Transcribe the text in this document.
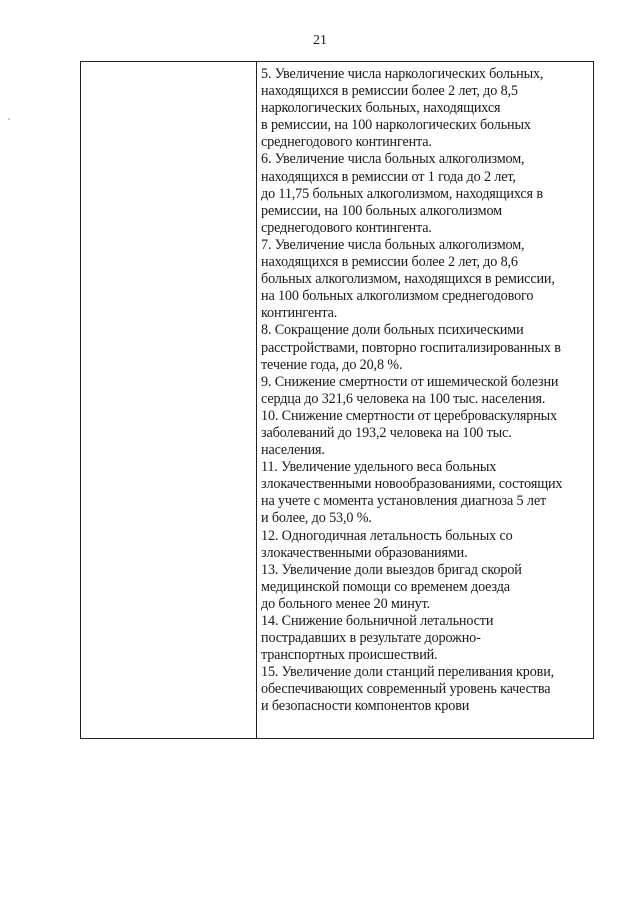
21
5. Увеличение числа наркологических больных,
находящихся в ремиссии более 2 лет, до 8,5
наркологических больных, находящихся
в ремиссии, на 100 наркологических больных
среднегодового контингента.
6. Увеличение числа больных алкоголизмом,
находящихся в ремиссии от 1 года до 2 лет,
до 11,75 больных алкоголизмом, находящихся в
ремиссии, на 100 больных алкоголизмом
среднегодового контингента.
7. Увеличение числа больных алкоголизмом,
находящихся в ремиссии более 2 лет, до 8,6
больных алкоголизмом, находящихся в ремиссии,
на 100 больных алкоголизмом среднегодового
контингента.
8. Сокращение доли больных психическими
расстройствами, повторно госпитализированных в
течение года, до 20,8 %.
9. Снижение смертности от ишемической болезни
сердца до 321,6 человека на 100 тыс. населения.
10. Снижение смертности от цереброваскулярных
заболеваний до 193,2 человека на 100 тыс.
населения.
11. Увеличение удельного веса больных
злокачественными новообразованиями, состоящих
на учете с момента установления диагноза 5 лет
и более, до 53,0 %.
12. Одногодичная летальность больных со
злокачественными образованиями.
13. Увеличение доли выездов бригад скорой
медицинской помощи со временем доезда
до больного менее 20 минут.
14. Снижение больничной летальности
пострадавших в результате дорожно-
транспортных происшествий.
15. Увеличение доли станций переливания крови,
обеспечивающих современный уровень качества
и безопасности компонентов крови
